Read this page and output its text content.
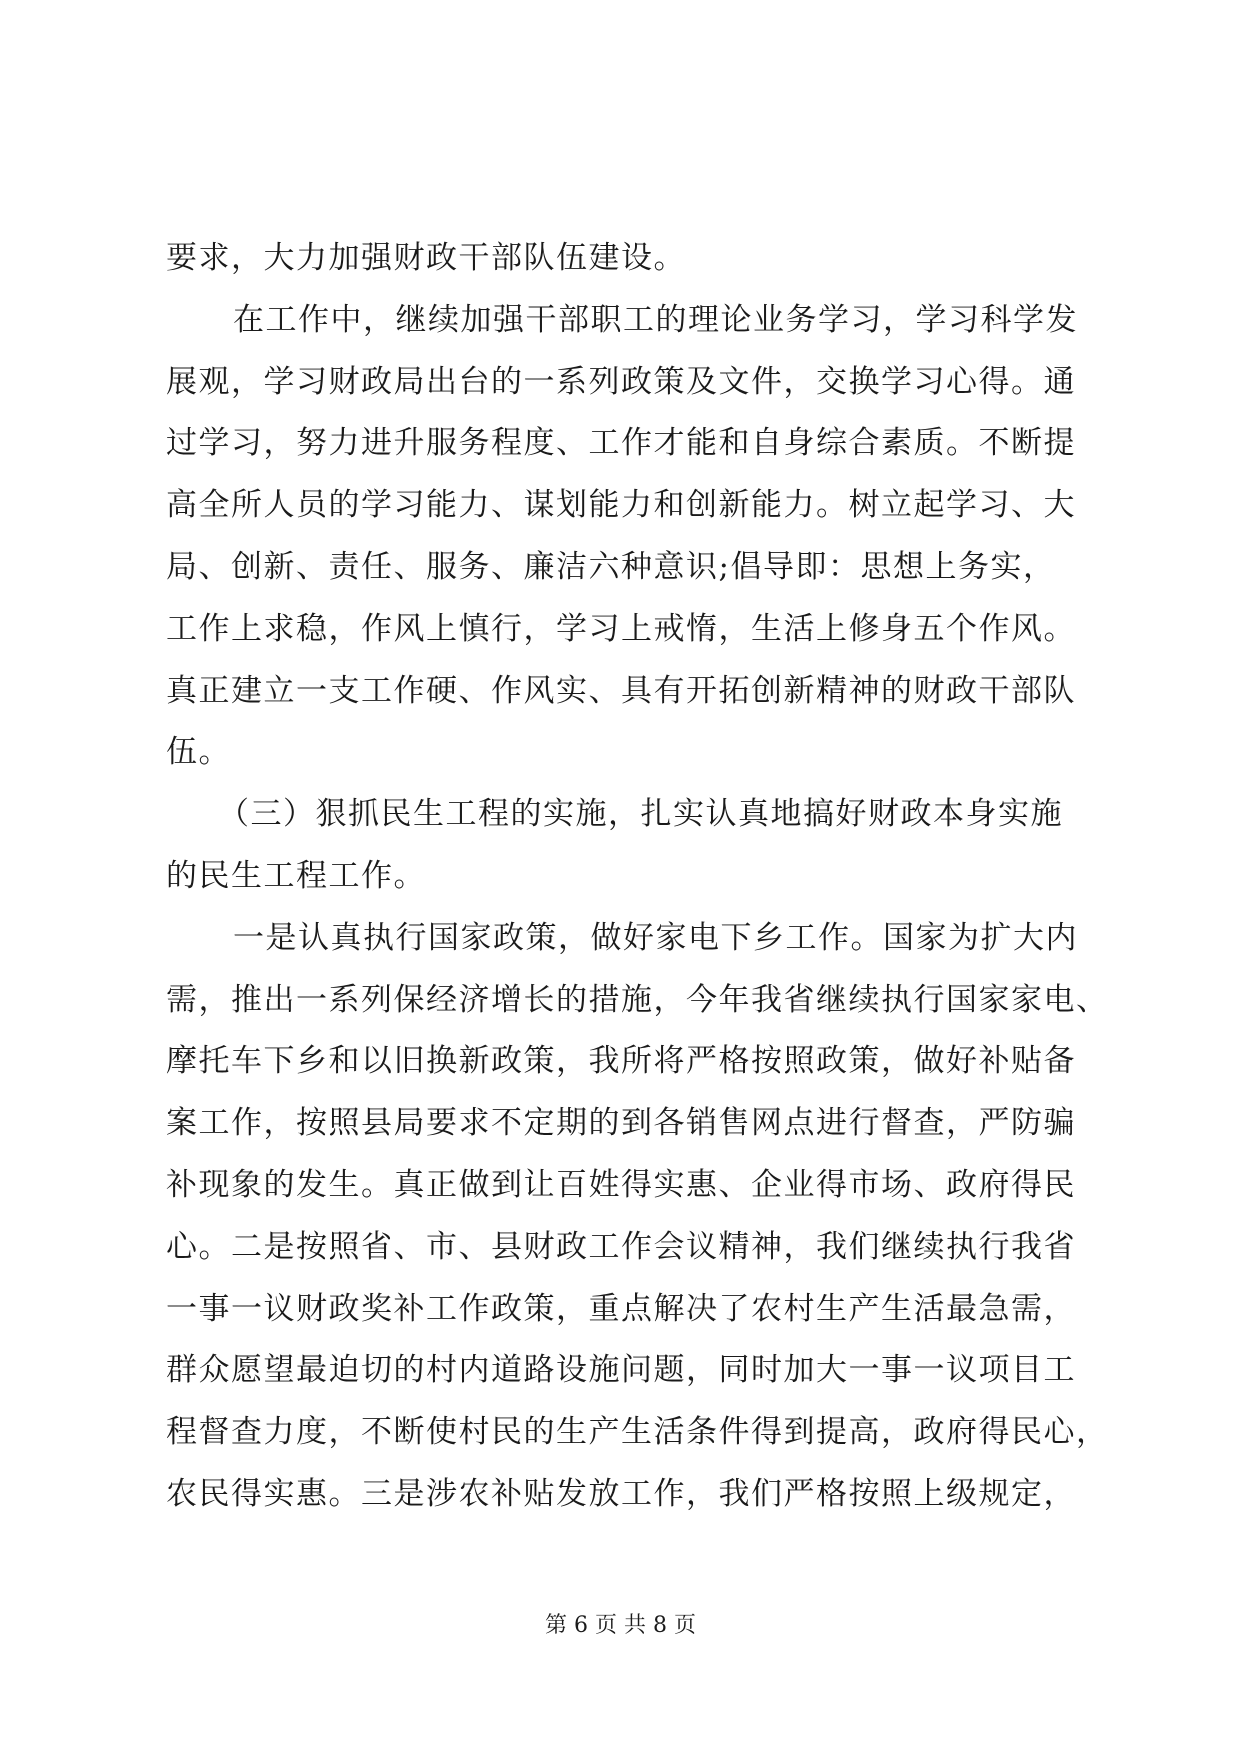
要求，大力加强财政干部队伍建设。
在工作中，继续加强干部职工的理论业务学习，学习科学发
展观，学习财政局出台的一系列政策及文件，交换学习心得。通
过学习，努力进升服务程度、工作才能和自身综合素质。不断提
高全所人员的学习能力、谋划能力和创新能力。树立起学习、大
局、创新、责任、服务、廉洁六种意识;倡导即：思想上务实，
工作上求稳，作风上慎行，学习上戒惰，生活上修身五个作风。
真正建立一支工作硬、作风实、具有开拓创新精神的财政干部队
伍。
（三）狠抓民生工程的实施，扎实认真地搞好财政本身实施
的民生工程工作。
一是认真执行国家政策，做好家电下乡工作。国家为扩大内
需，推出一系列保经济增长的措施，今年我省继续执行国家家电、
摩托车下乡和以旧换新政策，我所将严格按照政策，做好补贴备
案工作，按照县局要求不定期的到各销售网点进行督查，严防骗
补现象的发生。真正做到让百姓得实惠、企业得市场、政府得民
心。二是按照省、市、县财政工作会议精神，我们继续执行我省
一事一议财政奖补工作政策，重点解决了农村生产生活最急需，
群众愿望最迫切的村内道路设施问题，同时加大一事一议项目工
程督查力度，不断使村民的生产生活条件得到提高，政府得民心，
农民得实惠。三是涉农补贴发放工作，我们严格按照上级规定，
第 6 页 共 8 页
